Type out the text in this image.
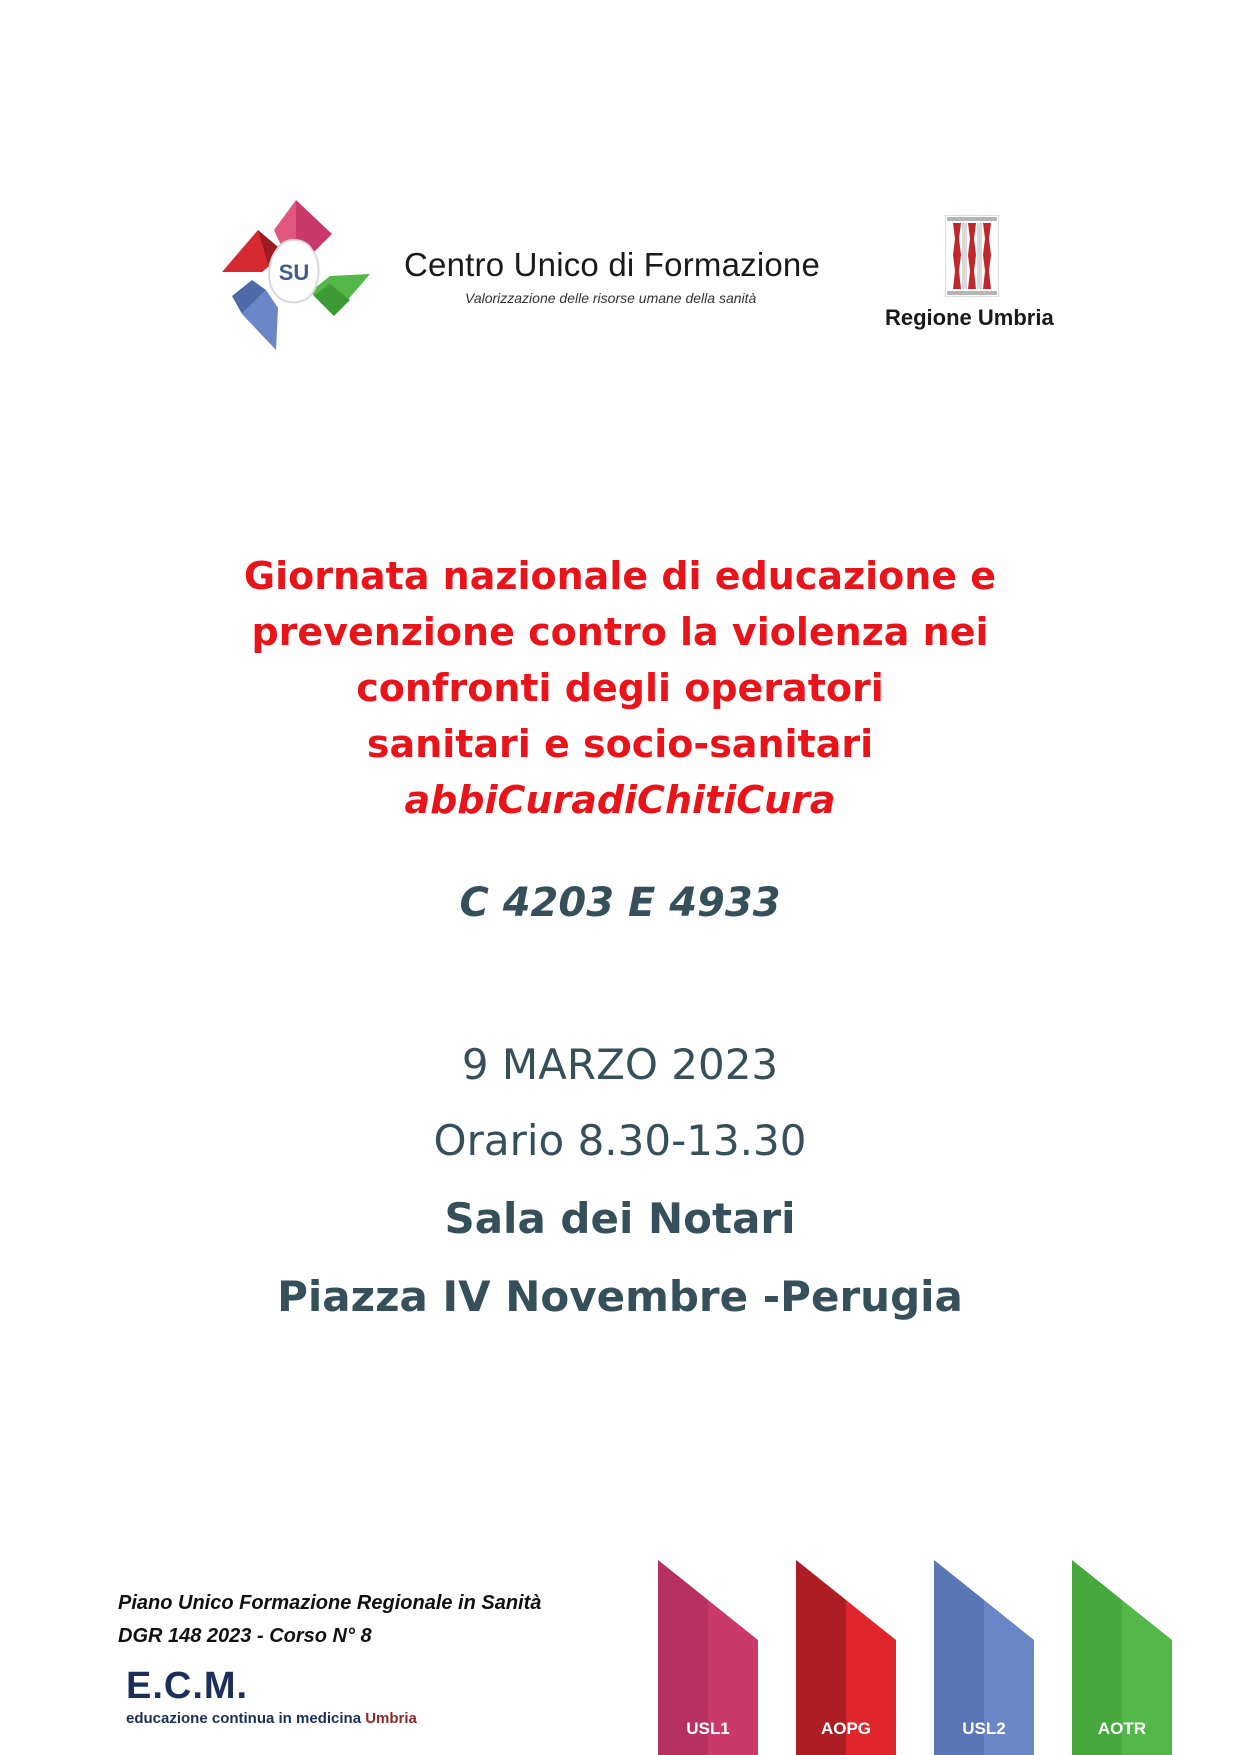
SU	Centro Unico di Formazione
Valorizzazione delle risorse umane della sanità
Regione Umbria
Giornata nazionale di educazione e
prevenzione contro la violenza nei
confronti degli operatori
sanitari e socio-sanitari
abbiCuradiChitiCura
C 4203 E 4933
9 MARZO 2023
Orario 8.30-13.30
Sala dei Notari
Piazza IV Novembre -Perugia
Piano Unico Formazione Regionale in Sanità
DGR 148 2023 - Corso N° 8
E.C.M.
educazione continua in medicina Umbria
USL1	AOPG	USL2	AOTR
